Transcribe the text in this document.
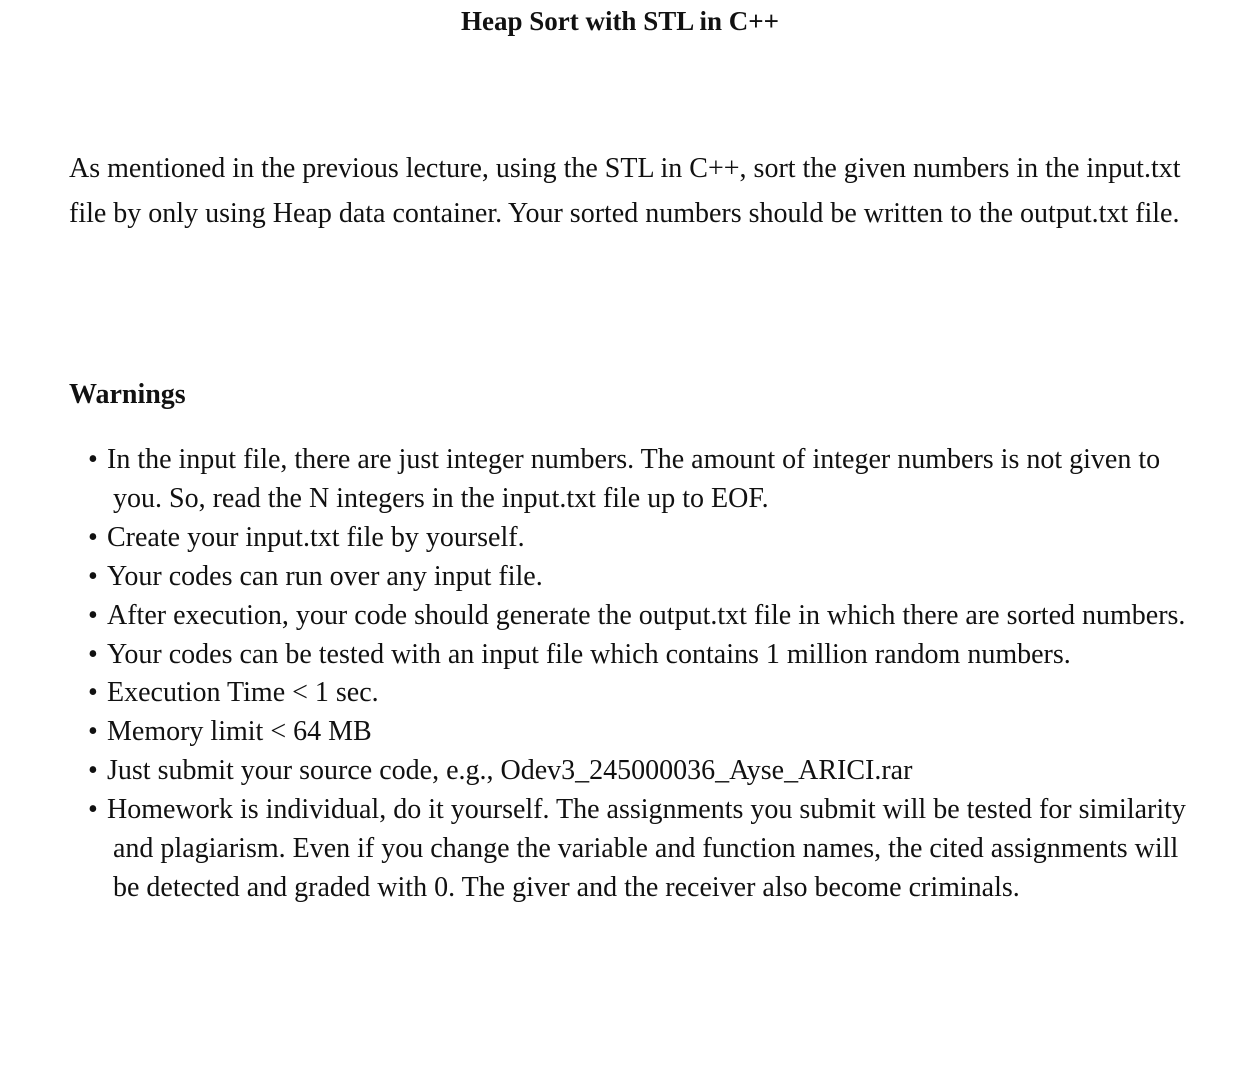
Heap Sort with STL in C++

As mentioned in the previous lecture, using the STL in C++, sort the given numbers in the input.txt file by only using Heap data container. Your sorted numbers should be written to the output.txt file.

Warnings
• In the input file, there are just integer numbers. The amount of integer numbers is not given to you. So, read the N integers in the input.txt file up to EOF.
• Create your input.txt file by yourself.
• Your codes can run over any input file.
• After execution, your code should generate the output.txt file in which there are sorted numbers.
• Your codes can be tested with an input file which contains 1 million random numbers.
• Execution Time < 1 sec.
• Memory limit < 64 MB
• Just submit your source code, e.g., Odev3_245000036_Ayse_ARICI.rar
• Homework is individual, do it yourself. The assignments you submit will be tested for similarity and plagiarism. Even if you change the variable and function names, the cited assignments will be detected and graded with 0. The giver and the receiver also become criminals.
